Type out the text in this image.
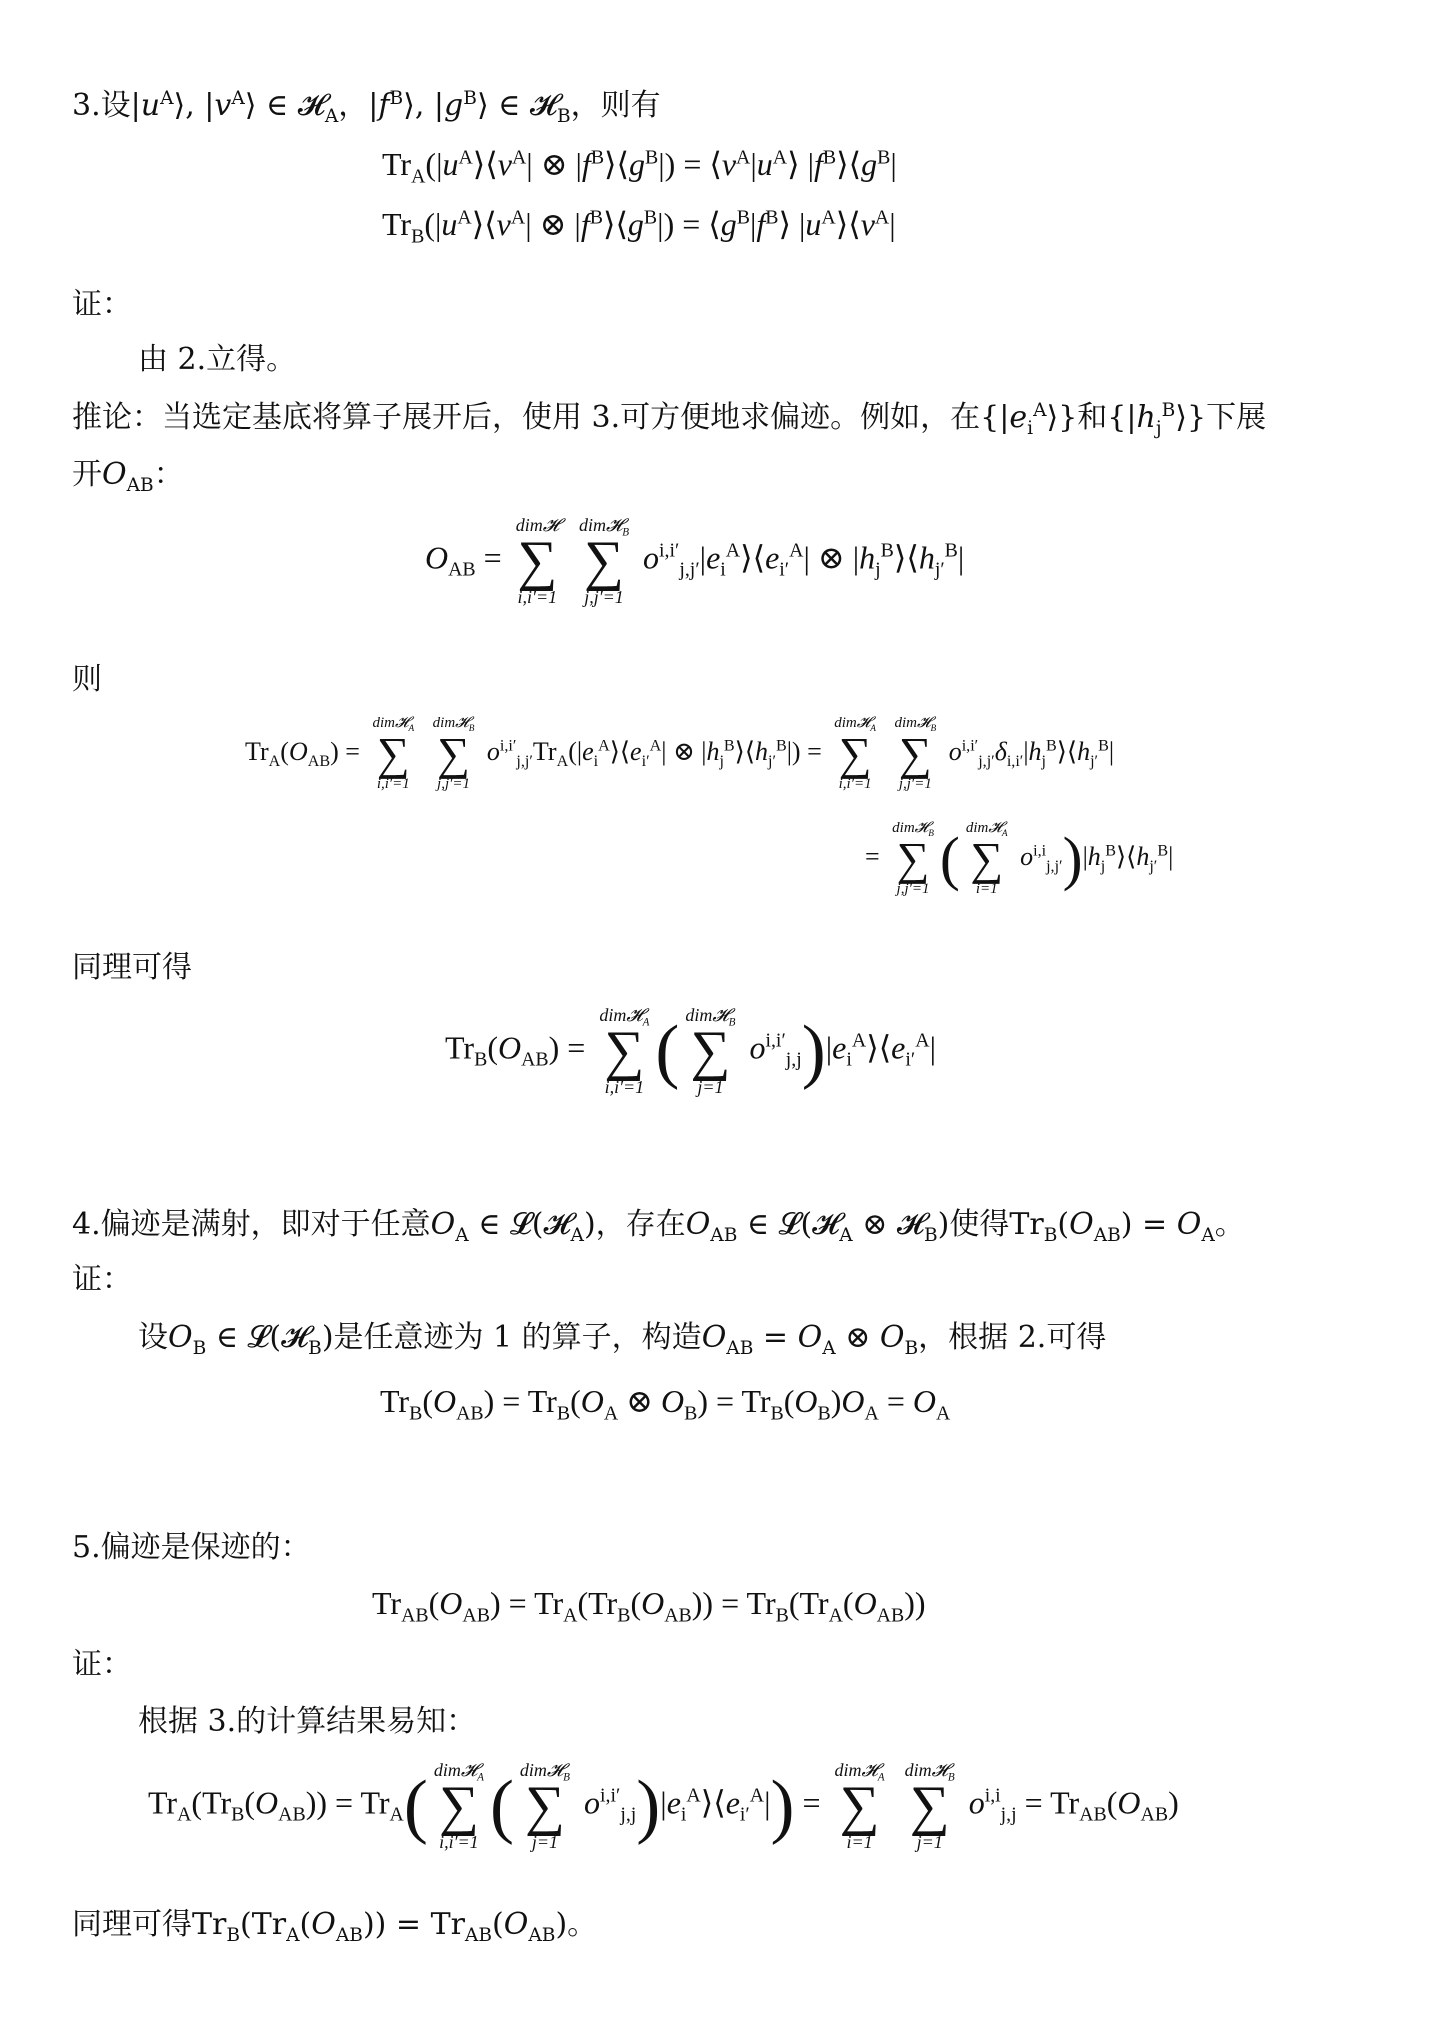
3.设$|u^A⟩$, $|v^A⟩$ ∈ 𝓗$_A$，$|f^B⟩$, $|g^B⟩$ ∈ 𝓗$_B$，则有
$Tr_A(|u^A⟩⟨v^A|$ ⊗ $|f^B⟩⟨g^B|$) = $⟨v^A|u^A⟩$ $|f^B⟩⟨g^B|$
$Tr_B(|u^A⟩⟨v^A|$ ⊗ $|f^B⟩⟨g^B|$) = $⟨g^B|f^B⟩$ $|u^A⟩⟨v^A|$
证：
由 2.立得。
推论：当选定基底将算子展开后，使用 3.可方便地求偏迹。例如，在$\{|e_i^A⟩\}$和$\{|h_j^B⟩\}$下展
开$O_{AB}$：
$O_{AB}$ =
dim𝓗
∑
i,i′=1

dim𝓗$_B$
∑
j,j′=1
$o^{i,i'}_{j,j'}|e_i^A⟩⟨e_{i'}^A|$ ⊗ $|h_j^B⟩⟨h_{j'}^B|$
则
$Tr_A(O_{AB})$ =
dim𝓗$_A$
∑
i,i′=1

dim𝓗$_B$
∑
j,j′=1
$o^{i,i'}_{j,j'}Tr_A(|e_i^A⟩⟨e_{i'}^A|$ ⊗ $|h_j^B⟩⟨h_{j'}^B|$) =
dim𝓗$_A$
∑
i,i′=1

dim𝓗$_B$
∑
j,j′=1
$o^{i,i'}_{j,j'}\delta_{i,i'}|h_j^B⟩⟨h_{j'}^B|$
=
dim𝓗$_B$
∑
j,j′=1 ( dim𝓗$_A$
∑
i=1
$o^{i,i}_{j,j'})|h_j^B⟩⟨h_{j'}^B|$
同理可得
$Tr_B(O_{AB})$ =
dim𝓗$_A$
∑
i,i′=1 ( dim𝓗$_B$
∑
j=1
$o^{i,i'}_{j,j})|e_i^A⟩⟨e_{i'}^A|$
4.偏迹是满射，即对于任意$O_A$ ∈ 𝓛(𝓗$_A$)，存在$O_{AB}$ ∈ 𝓛(𝓗$_A$ ⊗ 𝓗$_B$)使得$Tr_B(O_{AB}) = O_A$。
证：
设$O_B$ ∈ 𝓛(𝓗$_B$)是任意迹为 1 的算子，构造$O_{AB} = O_A$ ⊗ $O_B$，根据 2.可得
$Tr_B(O_{AB}) = Tr_B(O_A$ ⊗ $O_B) = Tr_B(O_B)O_A = O_A$
5.偏迹是保迹的：
$Tr_{AB}(O_{AB}) = Tr_A(Tr_B(O_{AB})) = Tr_B(Tr_A(O_{AB}))$
证：
根据 3.的计算结果易知：
$Tr_A(Tr_B(O_{AB})) = Tr_A$( dim𝓗$_A$
∑
i,i′=1 ( dim𝓗$_B$
∑
j=1
$o^{i,i'}_{j,j})|e_i^A⟩⟨e_{i'}^A|$) =
dim𝓗$_A$
∑
i=1

dim𝓗$_B$
∑
j=1
$o^{i,i}_{j,j} = Tr_{AB}(O_{AB})$
同理可得$Tr_B(Tr_A(O_{AB})) = Tr_{AB}(O_{AB})$。
